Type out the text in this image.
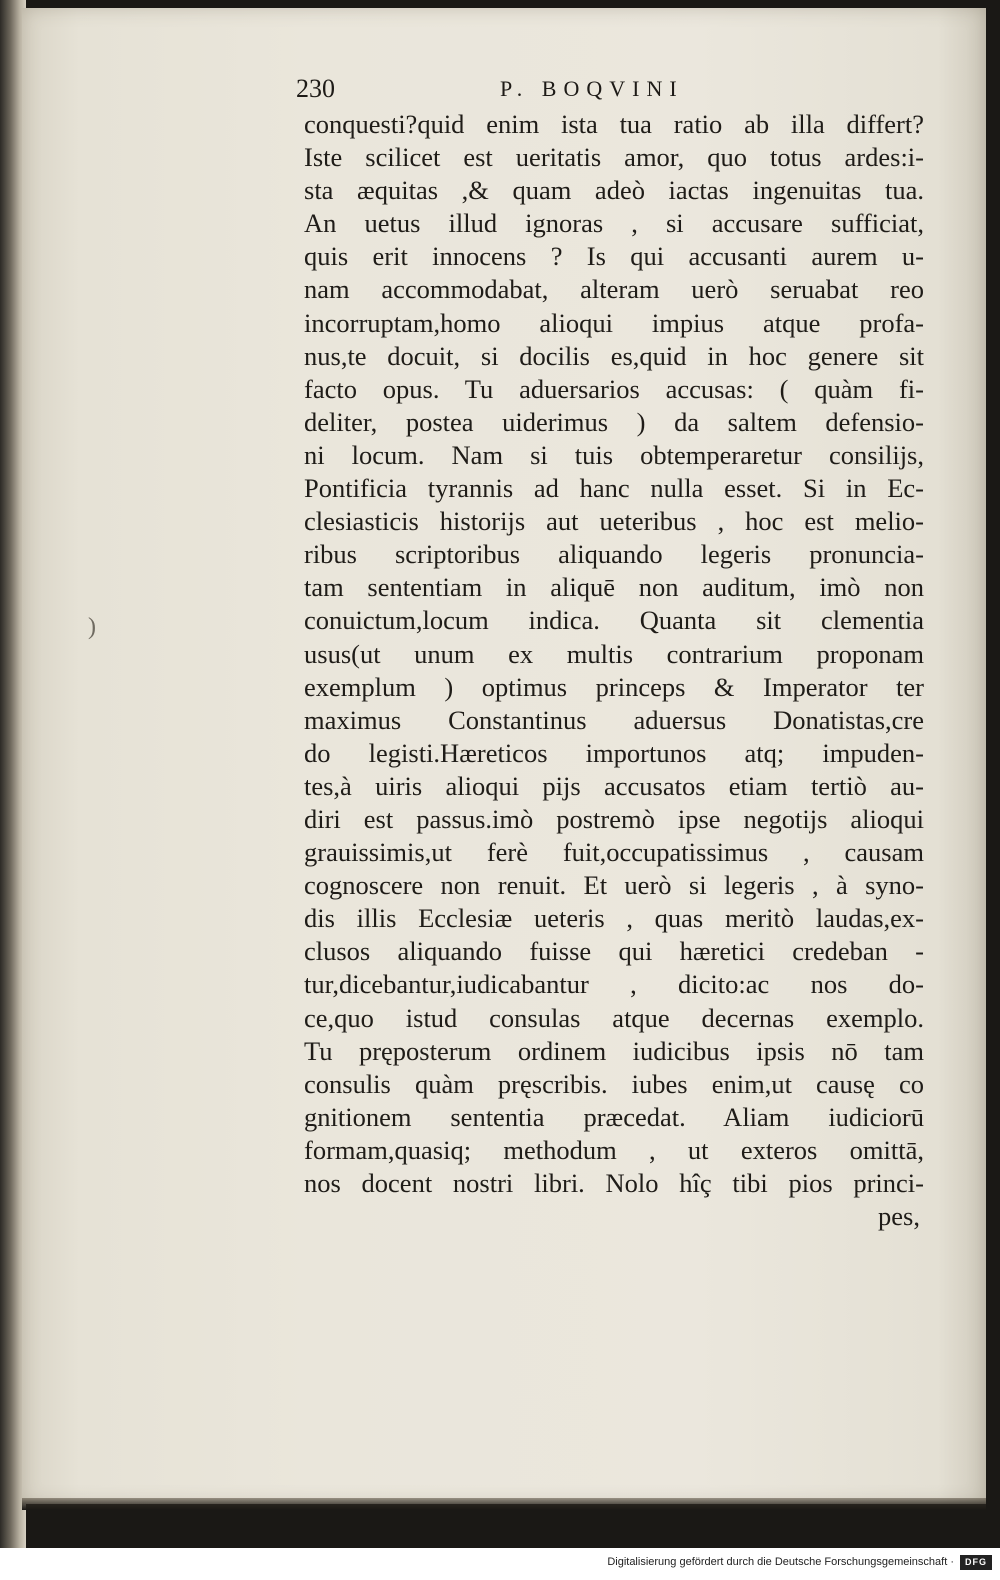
230	P. BOQVINI
)
conquesti?quid enim ista tua ratio ab illa differt?
Iste scilicet est ueritatis amor, quo totus ardes:i-
sta æquitas ,& quam adeò iactas ingenuitas tua.
An uetus illud ignoras , si accusare sufficiat,
quis erit innocens ? Is qui accusanti aurem u-
nam accommodabat, alteram uerò seruabat reo
incorruptam,homo alioqui impius atque profa-
nus,te docuit, si docilis es,quid in hoc genere sit
facto opus. Tu aduersarios accusas: ( quàm fi-
deliter, postea uiderimus ) da saltem defensio-
ni locum. Nam si tuis obtemperaretur consilijs,
Pontificia tyrannis ad hanc nulla esset. Si in Ec-
clesiasticis historijs aut ueteribus , hoc est melio-
ribus scriptoribus aliquando legeris pronuncia-
tam sententiam in aliquē non auditum, imò non
conuictum,locum indica. Quanta sit clementia
usus(ut unum ex multis contrarium proponam
exemplum ) optimus princeps & Imperator ter
maximus Constantinus aduersus Donatistas,cre
do legisti.Hæreticos importunos atq; impuden-
tes,à uiris alioqui pijs accusatos etiam tertiò au-
diri est passus.imò postremò ipse negotijs alioqui
grauissimis,ut ferè fuit,occupatissimus , causam
cognoscere non renuit. Et uerò si legeris , à syno-
dis illis Ecclesiæ ueteris , quas meritò laudas,ex-
clusos aliquando fuisse qui hæretici credeban -
tur,dicebantur,iudicabantur , dicito:ac nos do-
ce,quo istud consulas atque decernas exemplo.
Tu pręposterum ordinem iudicibus ipsis nō tam
consulis quàm pręscribis. iubes enim,ut causę co
gnitionem sententia præcedat. Aliam iudiciorū
formam,quasiq; methodum , ut exteros omittā,
nos docent nostri libri. Nolo hîç tibi pios princi-
pes,
Digitalisierung gefördert durch die Deutsche Forschungsgemeinschaft ·	DFG
